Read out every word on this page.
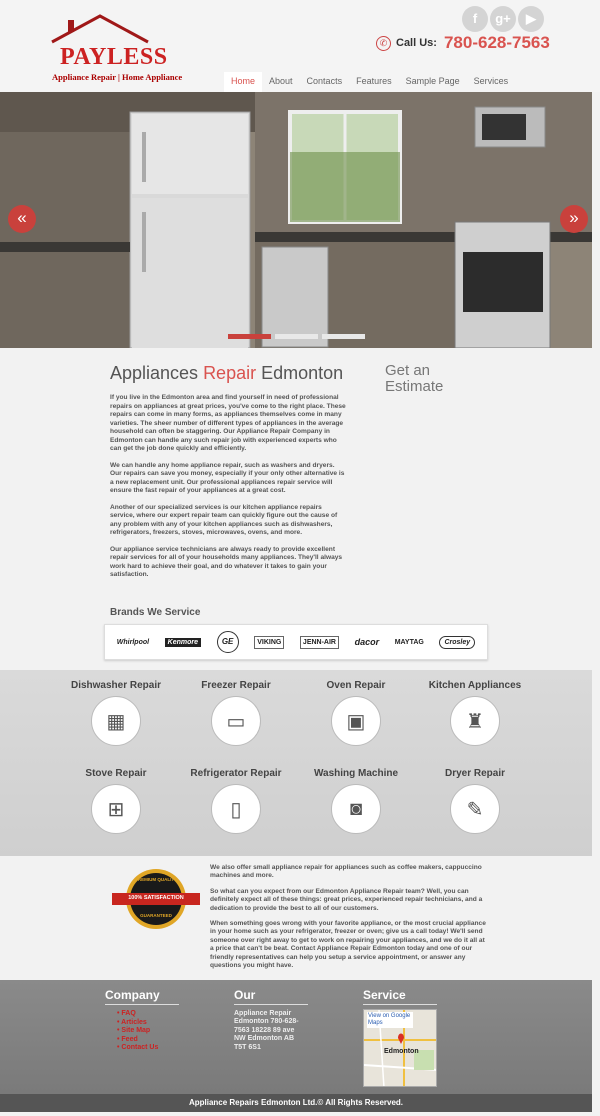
PAYLESS
Appliance Repair | Home Appliance
f	g+	▶
✆ Call Us: 780-628-7563
Home	About	Contacts	Features	Sample Page	Services
«	»
Appliances Repair Edmonton	Get an
Estimate

If you live in the Edmonton area and find yourself in need of professional repairs on appliances at great prices, you've come to the right place. These repairs can come in many forms, as appliances themselves come in many varieties. The sheer number of different types of appliances in the average household can often be staggering. Our Appliance Repair Company in Edmonton can handle any such repair job with experienced experts who can get the job done quickly and efficiently.

We can handle any home appliance repair, such as washers and dryers. Our repairs can save you money, especially if your only other alternative is a new replacement unit. Our professional appliances repair service will ensure the fast repair of your appliances at a great cost.

Another of our specialized services is our kitchen appliance repairs service, where our expert repair team can quickly figure out the cause of any problem with any of your kitchen appliances such as dishwashers, refrigerators, freezers, stoves, microwaves, ovens, and more.

Our appliance service technicians are always ready to provide excellent repair services for all of your households many appliances. They'll always work hard to achieve their goal, and do whatever it takes to gain your satisfaction.

Brands We Service
Whirlpool	Kenmore	GE	VIKING	JENN-AIR	dacor MAYTAG	Crosley
Dishwasher Repair
▦
Freezer Repair
▭
Oven Repair
▣
Kitchen Appliances
♜
Stove Repair
⊞
Refrigerator Repair
▯
Washing Machine
◙
Dryer Repair
✎
PREMIUM QUALITY
100% SATISFACTION
GUARANTEED

We also offer small appliance repair for appliances such as coffee makers, cappuccino machines and more.

So what can you expect from our Edmonton Appliance Repair team? Well, you can definitely expect all of these things: great prices, experienced repair technicians, and a dedication to provide the best to all of our customers.

When something goes wrong with your favorite appliance, or the most crucial appliance in your home such as your refrigerator, freezer or oven; give us a call today! We'll send someone over right away to get to work on repairing your appliances, and we do it all at a price that can't be beat. Contact Appliance Repair Edmonton today and one of our friendly representatives can help you setup a service appointment, or answer any questions you might have.

Company
• FAQ
• Articles
• Site Map
• Feed
• Contact Us
Our
Appliance Repair Edmonton 780-628-7563 18228 89 ave NW Edmonton AB T5T 6S1
Service
View on Google Maps
Edmonton
Appliance Repairs Edmonton Ltd.© All Rights Reserved.
